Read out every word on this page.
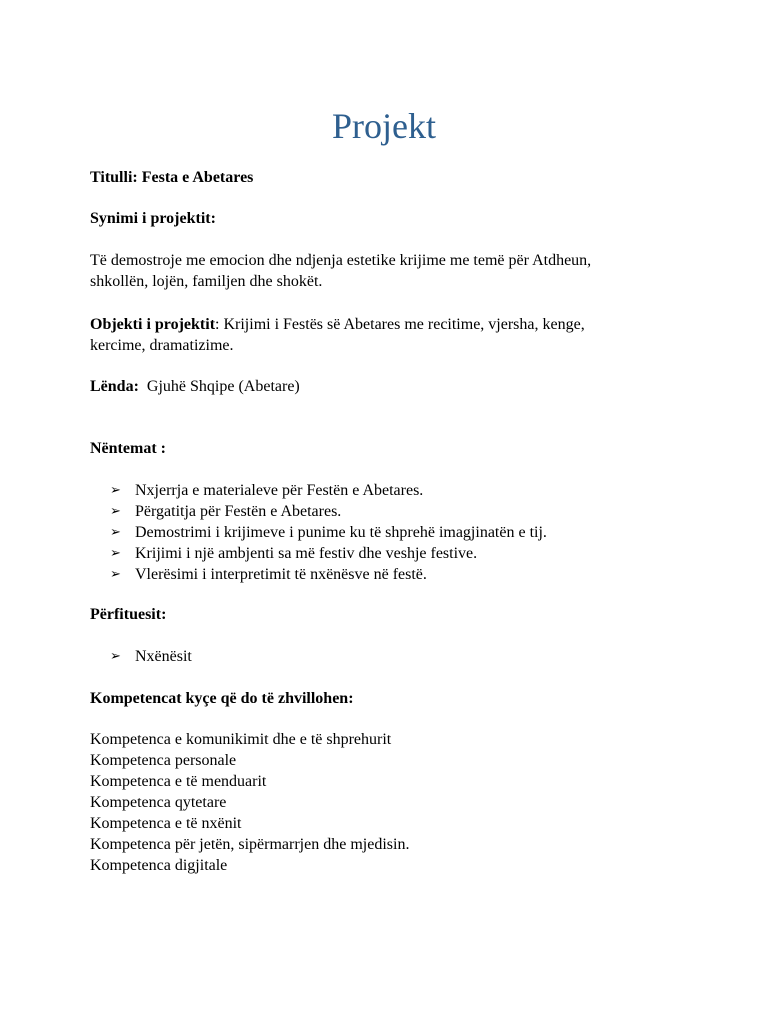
Projekt
Titulli: Festa e Abetares
Synimi i projektit:
Të demostroje me emocion dhe ndjenja estetike krijime me temë për Atdheun,
shkollën, lojën, familjen dhe shokët.
Objekti i projektit: Krijimi i Festës së Abetares me recitime, vjersha, kenge,
kercime, dramatizime.
Lënda:  Gjuhë Shqipe (Abetare)
Nëntemat :
➢ Nxjerrja e materialeve për Festën e Abetares.
➢ Përgatitja për Festën e Abetares.
➢ Demostrimi i krijimeve i punime ku të shprehë imagjinatën e tij.
➢ Krijimi i një ambjenti sa më festiv dhe veshje festive.
➢ Vlerësimi i interpretimit të nxënësve në festë.
Përfituesit:
➢ Nxënësit
Kompetencat kyçe që do të zhvillohen:
Kompetenca e komunikimit dhe e të shprehurit
Kompetenca personale
Kompetenca e të menduarit
Kompetenca qytetare
Kompetenca e të nxënit
Kompetenca për jetën, sipërmarrjen dhe mjedisin.
Kompetenca digjitale
